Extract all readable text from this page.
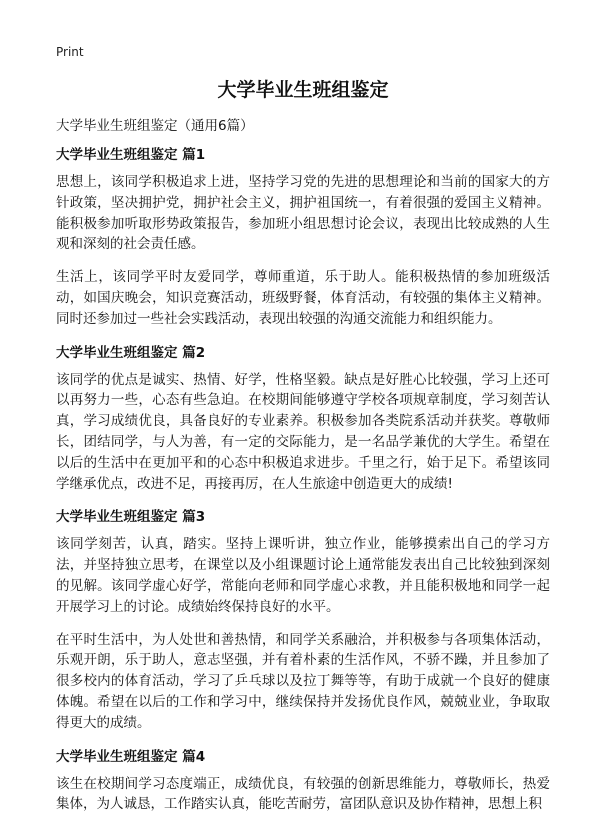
Print
大学毕业生班组鉴定
大学毕业生班组鉴定（通用6篇）
大学毕业生班组鉴定 篇1

思想上，该同学积极追求上进，坚持学习党的先进的思想理论和当前的国家大的方针政策，坚决拥护党，拥护社会主义，拥护祖国统一，有着很强的爱国主义精神。能积极参加听取形势政策报告，参加班小组思想讨论会议，表现出比较成熟的人生观和深刻的社会责任感。

生活上，该同学平时友爱同学，尊师重道，乐于助人。能积极热情的参加班级活动，如国庆晚会，知识竞赛活动，班级野餐，体育活动，有较强的集体主义精神。同时还参加过一些社会实践活动，表现出较强的沟通交流能力和组织能力。

大学毕业生班组鉴定 篇2

该同学的优点是诚实、热情、好学，性格坚毅。缺点是好胜心比较强，学习上还可以再努力一些，心态有些急迫。在校期间能够遵守学校各项规章制度，学习刻苦认真，学习成绩优良，具备良好的专业素养。积极参加各类院系活动并获奖。尊敬师长，团结同学，与人为善，有一定的交际能力，是一名品学兼优的大学生。希望在以后的生活中在更加平和的心态中积极追求进步。千里之行，始于足下。希望该同学继承优点，改进不足，再接再厉，在人生旅途中创造更大的成绩!

大学毕业生班组鉴定 篇3

该同学刻苦，认真，踏实。坚持上课听讲，独立作业，能够摸索出自己的学习方法，并坚持独立思考，在课堂以及小组课题讨论上通常能发表出自己比较独到深刻的见解。该同学虚心好学，常能向老师和同学虚心求教，并且能积极地和同学一起开展学习上的讨论。成绩始终保持良好的水平。

在平时生活中，为人处世和善热情，和同学关系融洽，并积极参与各项集体活动，乐观开朗，乐于助人，意志坚强，并有着朴素的生活作风，不骄不躁，并且参加了很多校内的体育活动，学习了乒乓球以及拉丁舞等等，有助于成就一个良好的健康体魄。希望在以后的工作和学习中，继续保持并发扬优良作风，兢兢业业，争取取得更大的成绩。

大学毕业生班组鉴定 篇4

该生在校期间学习态度端正，成绩优良，有较强的创新思维能力，尊敬师长，热爱集体，为人诚恳，工作踏实认真，能吃苦耐劳，富团队意识及协作精神，思想上积
